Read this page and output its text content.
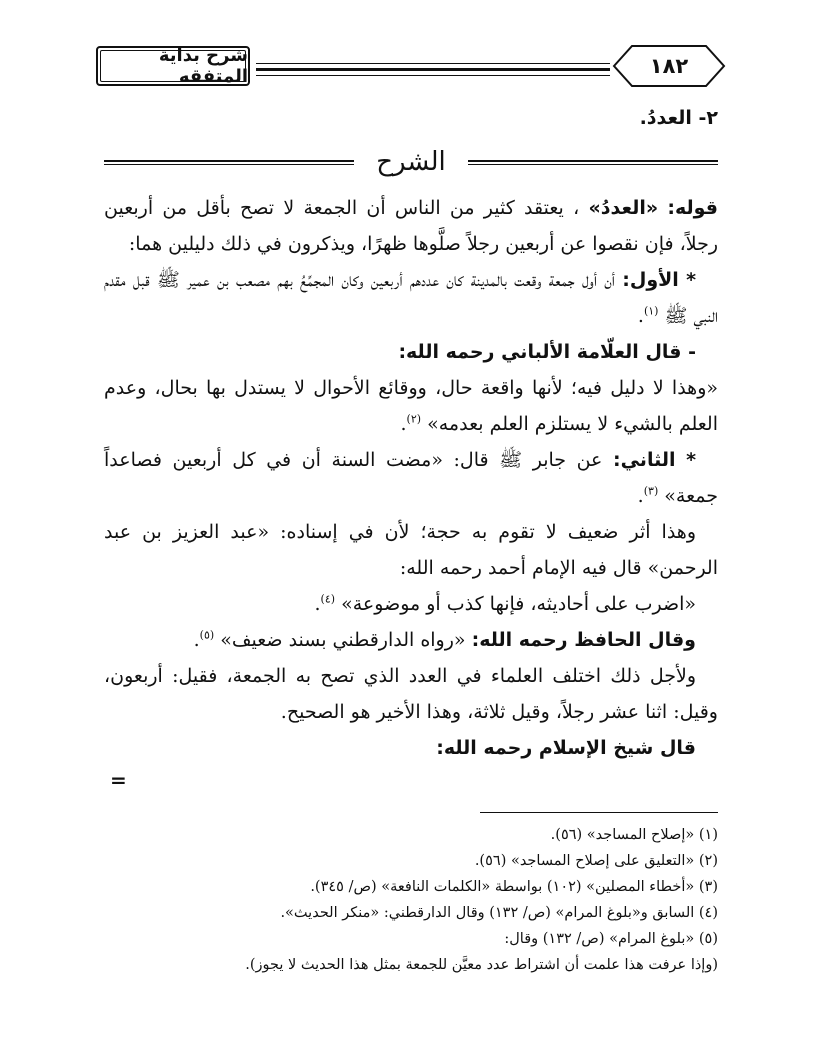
شرح بداية المتفقه	١٨٢

٢- العددُ.

الشرح

قوله: «العددُ» ، يعتقد كثير من الناس أن الجمعة لا تصح بأقل من أربعين رجلاً، فإن نقصوا عن أربعين رجلاً صلَّوها ظهرًا، ويذكرون في ذلك دليلين هما:

* الأول: أن أول جمعة وقعت بالمدينة كان عددهم أربعين وكان المجمِّعُ بهم مصعب بن عمير ﷺ قبل مقدم النبي ﷺ $^{(١)}$.

- قال العلّامة الألباني رحمه الله:

«وهذا لا دليل فيه؛ لأنها واقعة حال، ووقائع الأحوال لا يستدل بها بحال، وعدم العلم بالشيء لا يستلزم العلم بعدمه» $^{(٢)}$.

* الثاني: عن جابر ﷺ قال: «مضت السنة أن في كل أربعين فصاعداً جمعة» $^{(٣)}$.

وهذا أثر ضعيف لا تقوم به حجة؛ لأن في إسناده: «عبد العزيز بن عبد الرحمن» قال فيه الإمام أحمد رحمه الله:

«اضرب على أحاديثه، فإنها كذب أو موضوعة» $^{(٤)}$.

وقال الحافظ رحمه الله: «رواه الدارقطني بسند ضعيف» $^{(٥)}$.

ولأجل ذلك اختلف العلماء في العدد الذي تصح به الجمعة، فقيل: أربعون، وقيل: اثنا عشر رجلاً، وقيل ثلاثة، وهذا الأخير هو الصحيح.

قال شيخ الإسلام رحمه الله:

=
(١) «إصلاح المساجد» (٥٦).
(٢) «التعليق على إصلاح المساجد» (٥٦).
(٣) «أخطاء المصلين» (١٠٢) بواسطة «الكلمات النافعة» (ص/ ٣٤٥).
(٤) السابق و«بلوغ المرام» (ص/ ١٣٢) وقال الدارقطني: «منكر الحديث».
(٥) «بلوغ المرام» (ص/ ١٣٢) وقال:
(وإذا عرفت هذا علمت أن اشتراط عدد معيَّن للجمعة بمثل هذا الحديث لا يجوز).
